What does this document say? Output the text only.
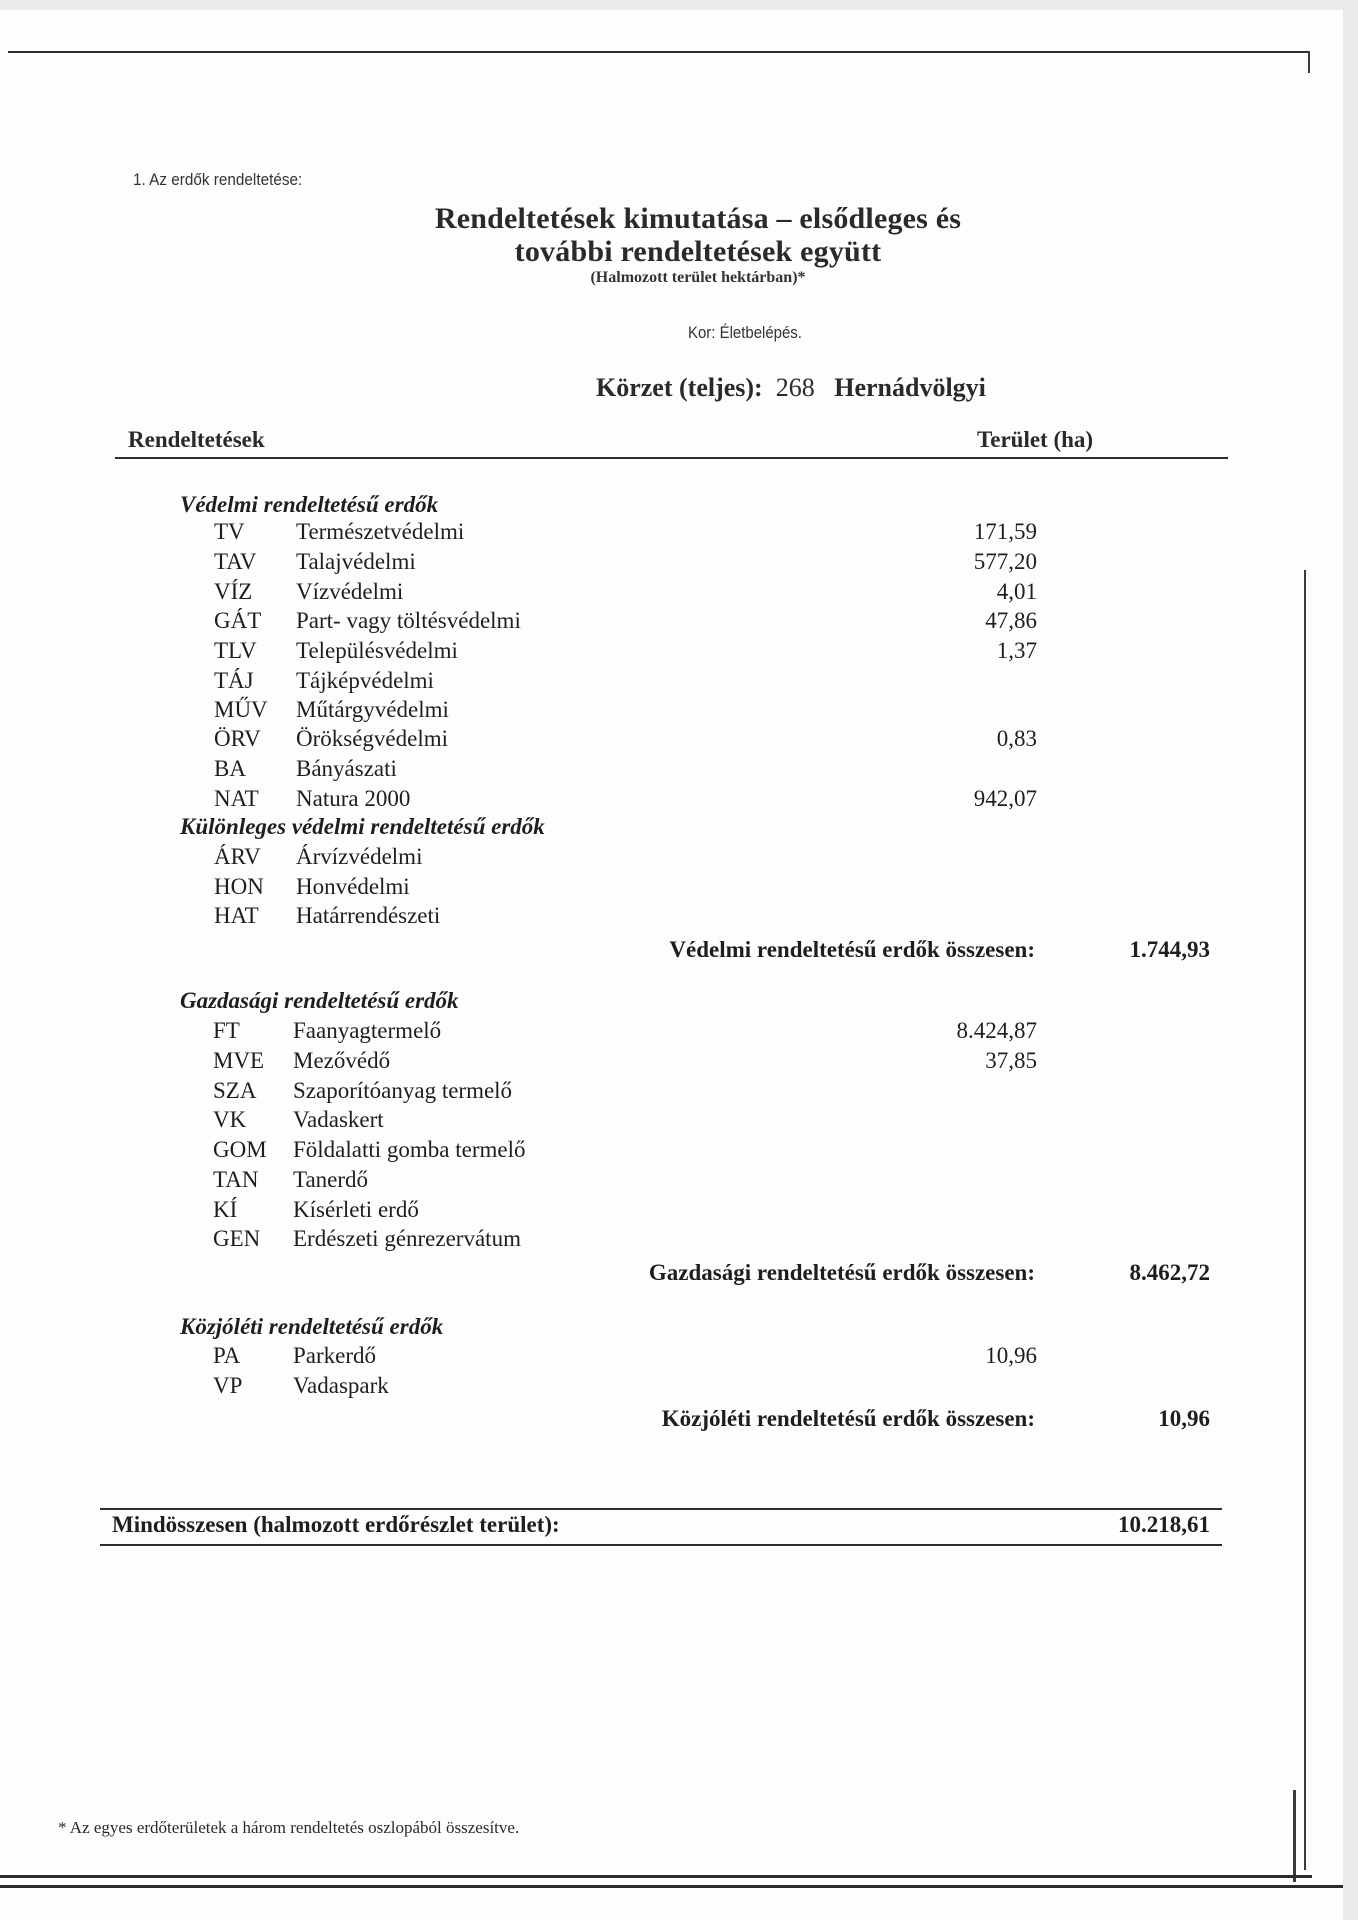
1. Az erdők rendeltetése:
Rendeltetések kimutatása – elsődleges és
további rendeltetések együtt
(Halmozott terület hektárban)*
Kor: Életbelépés.
Körzet (teljes): 268 Hernádvölgyi
Rendeltetések	Terület (ha)
Védelmi rendeltetésű erdők
TV Természetvédelmi	171,59
TAV Talajvédelmi	577,20
VÍZ Vízvédelmi	4,01
GÁT Part- vagy töltésvédelmi	47,86
TLV Településvédelmi	1,37
TÁJ Tájképvédelmi
MŰV Műtárgyvédelmi
ÖRV Örökségvédelmi	0,83
BA Bányászati
NAT Natura 2000	942,07
Különleges védelmi rendeltetésű erdők
ÁRV Árvízvédelmi
HON Honvédelmi
HAT Határrendészeti
Védelmi rendeltetésű erdők összesen:	1.744,93
Gazdasági rendeltetésű erdők
FT Faanyagtermelő	8.424,87
MVE Mezővédő	37,85
SZA Szaporítóanyag termelő
VK Vadaskert
GOM Földalatti gomba termelő
TAN Tanerdő
KÍ Kísérleti erdő
GEN Erdészeti génrezervátum
Gazdasági rendeltetésű erdők összesen:	8.462,72
Közjóléti rendeltetésű erdők
PA Parkerdő	10,96
VP Vadaspark
Közjóléti rendeltetésű erdők összesen:	10,96
Mindösszesen (halmozott erdőrészlet terület):	10.218,61
* Az egyes erdőterületek a három rendeltetés oszlopából összesítve.
